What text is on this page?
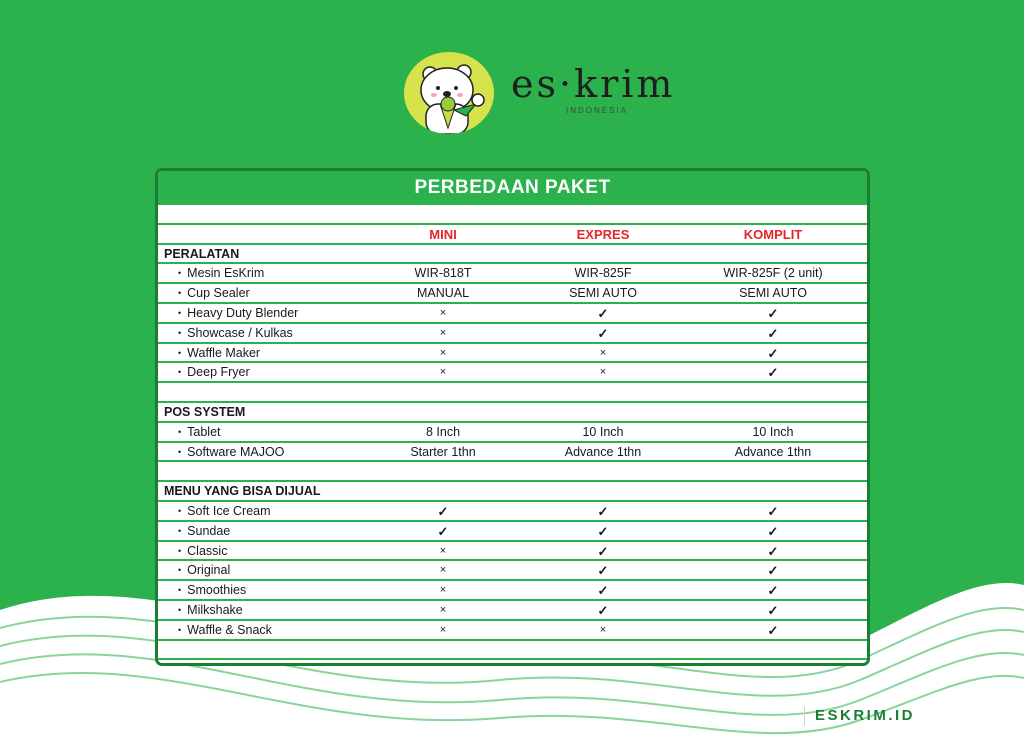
es·krim
INDONESIA
PERBEDAAN PAKET
MINI	EXPRES	KOMPLIT
PERALATAN
• Mesin EsKrim	WIR-818T	WIR-825F	WIR-825F (2 unit)
• Cup Sealer	MANUAL	SEMI AUTO	SEMI AUTO
• Heavy Duty Blender	×	✓	✓
• Showcase / Kulkas	×	✓	✓
• Waffle Maker	×	×	✓
• Deep Fryer	×	×	✓
POS SYSTEM
• Tablet	8 Inch	10 Inch	10 Inch
• Software MAJOO	Starter 1thn	Advance 1thn	Advance 1thn
MENU YANG BISA DIJUAL
• Soft Ice Cream	✓	✓	✓
• Sundae	✓	✓	✓
• Classic	×	✓	✓
• Original	×	✓	✓
• Smoothies	×	✓	✓
• Milkshake	×	✓	✓
• Waffle & Snack	×	×	✓
ESKRIM.ID
